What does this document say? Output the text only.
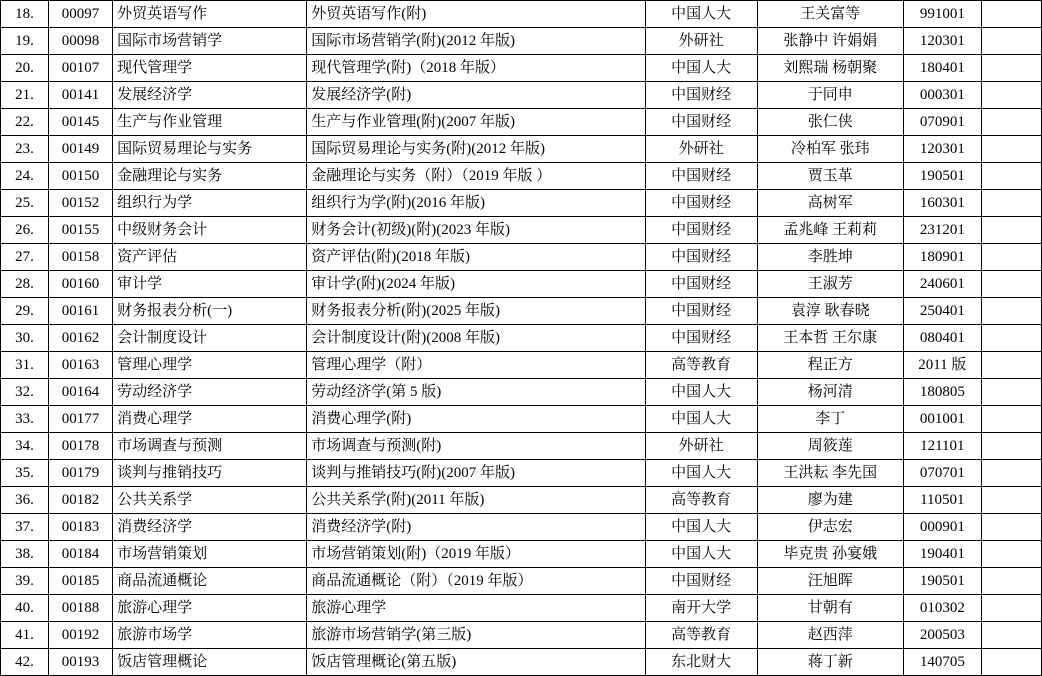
18.	00097	外贸英语写作	外贸英语写作(附)	中国人大	王关富等	991001	
19.	00098	国际市场营销学	国际市场营销学(附)(2012 年版)	外研社	张静中 许娟娟	120301	
20.	00107	现代管理学	现代管理学(附)（2018 年版）	中国人大	刘熙瑞 杨朝聚	180401	
21.	00141	发展经济学	发展经济学(附)	中国财经	于同申	000301	
22.	00145	生产与作业管理	生产与作业管理(附)(2007 年版)	中国财经	张仁侠	070901	
23.	00149	国际贸易理论与实务	国际贸易理论与实务(附)(2012 年版)	外研社	冷柏军 张玮	120301	
24.	00150	金融理论与实务	金融理论与实务（附）（2019 年版 ）	中国财经	贾玉革	190501	
25.	00152	组织行为学	组织行为学(附)(2016 年版)	中国财经	高树军	160301	
26.	00155	中级财务会计	财务会计(初级)(附)(2023 年版)	中国财经	孟兆峰 王莉莉	231201	
27.	00158	资产评估	资产评估(附)(2018 年版)	中国财经	李胜坤	180901	
28.	00160	审计学	审计学(附)(2024 年版)	中国财经	王淑芳	240601	
29.	00161	财务报表分析(一)	财务报表分析(附)(2025 年版)	中国财经	袁淳 耿春晓	250401	
30.	00162	会计制度设计	会计制度设计(附)(2008 年版)	中国财经	王本哲 王尔康	080401	
31.	00163	管理心理学	管理心理学（附）	高等教育	程正方	2011 版	
32.	00164	劳动经济学	劳动经济学(第 5 版)	中国人大	杨河清	180805	
33.	00177	消费心理学	消费心理学(附)	中国人大	李丁	001001	
34.	00178	市场调查与预测	市场调查与预测(附)	外研社	周筱莲	121101	
35.	00179	谈判与推销技巧	谈判与推销技巧(附)(2007 年版)	中国人大	王洪耘 李先国	070701	
36.	00182	公共关系学	公共关系学(附)(2011 年版)	高等教育	廖为建	110501	
37.	00183	消费经济学	消费经济学(附)	中国人大	伊志宏	000901	
38.	00184	市场营销策划	市场营销策划(附)（2019 年版）	中国人大	毕克贵 孙宴娥	190401	
39.	00185	商品流通概论	商品流通概论（附）（2019 年版）	中国财经	汪旭晖	190501	
40.	00188	旅游心理学	旅游心理学	南开大学	甘朝有	010302	
41.	00192	旅游市场学	旅游市场营销学(第三版)	高等教育	赵西萍	200503	
42.	00193	饭店管理概论	饭店管理概论(第五版)	东北财大	蒋丁新	140705	
